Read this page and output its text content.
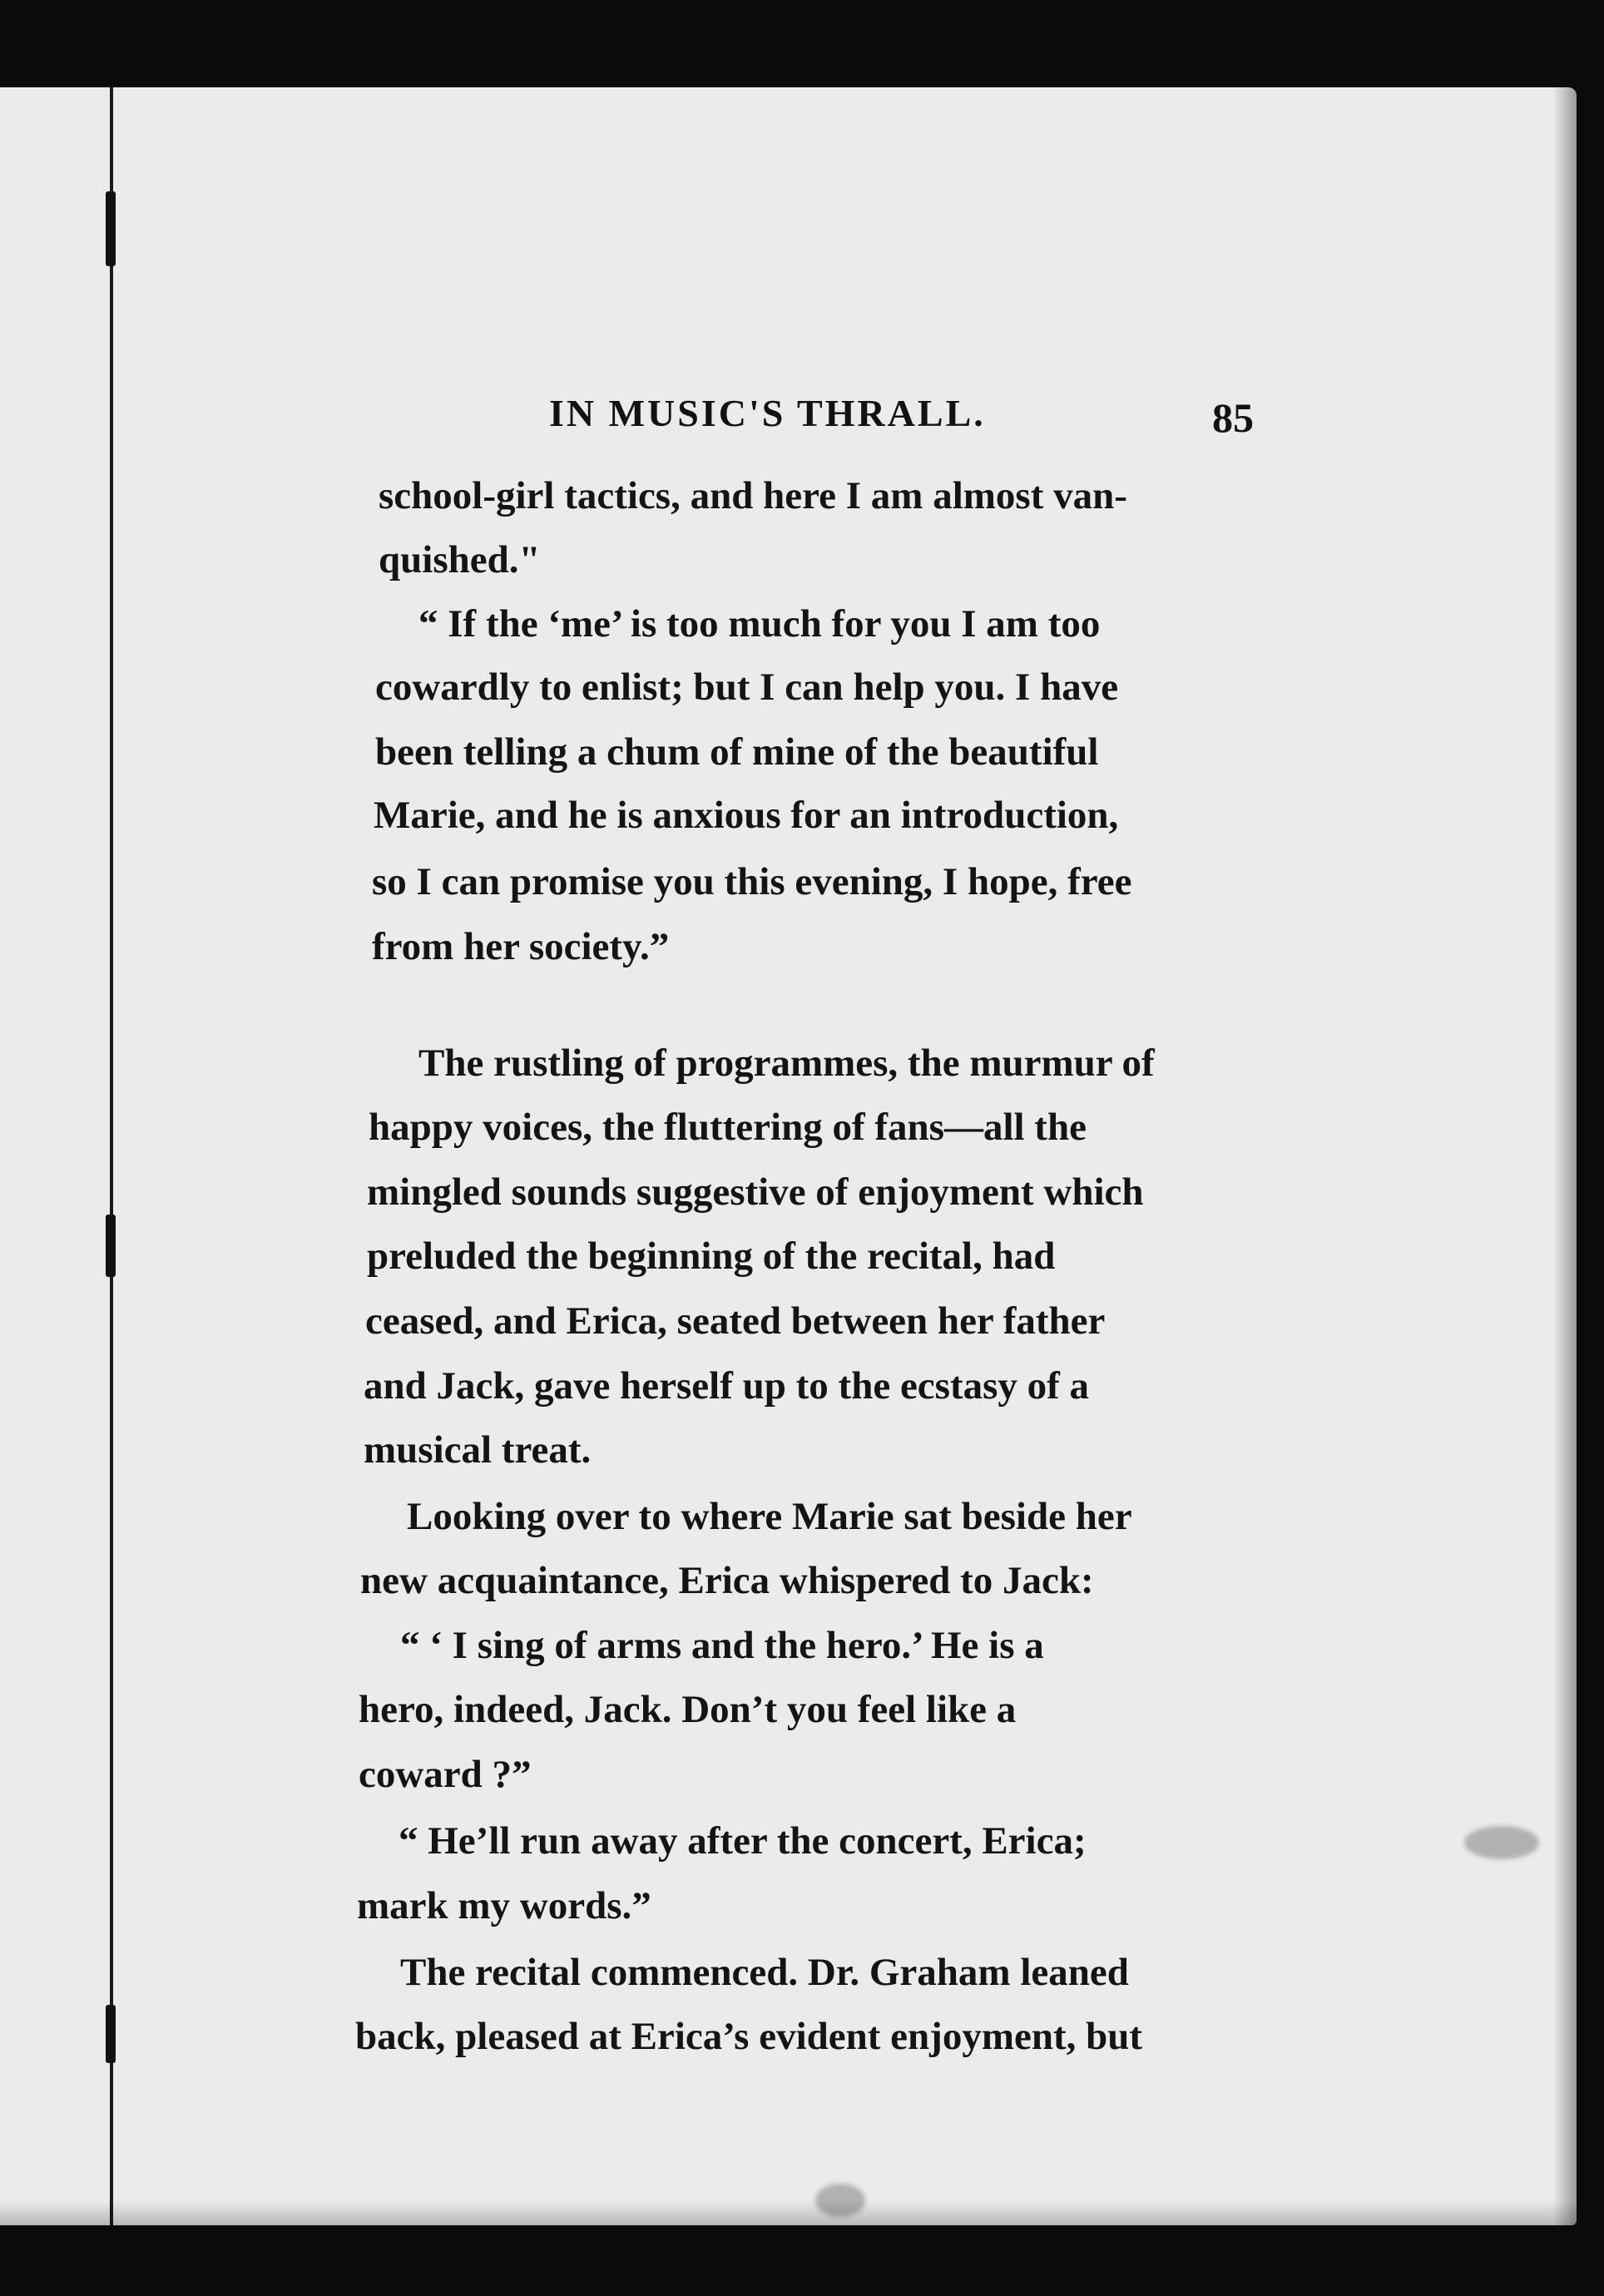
IN MUSIC'S THRALL.	85
school-girl tactics, and here I am almost van-
quished."
“ If the ‘me’ is too much for you I am too
cowardly to enlist; but I can help you. I have
been telling a chum of mine of the beautiful
Marie, and he is anxious for an introduction,
so I can promise you this evening, I hope, free
from her society.”
The rustling of programmes, the murmur of
happy voices, the fluttering of fans—all the
mingled sounds suggestive of enjoyment which
preluded the beginning of the recital, had
ceased, and Erica, seated between her father
and Jack, gave herself up to the ecstasy of a
musical treat.
Looking over to where Marie sat beside her
new acquaintance, Erica whispered to Jack:
“ ‘ I sing of arms and the hero.’ He is a
hero, indeed, Jack. Don’t you feel like a
coward ?”
“ He’ll run away after the concert, Erica;
mark my words.”
The recital commenced. Dr. Graham leaned
back, pleased at Erica’s evident enjoyment, but
